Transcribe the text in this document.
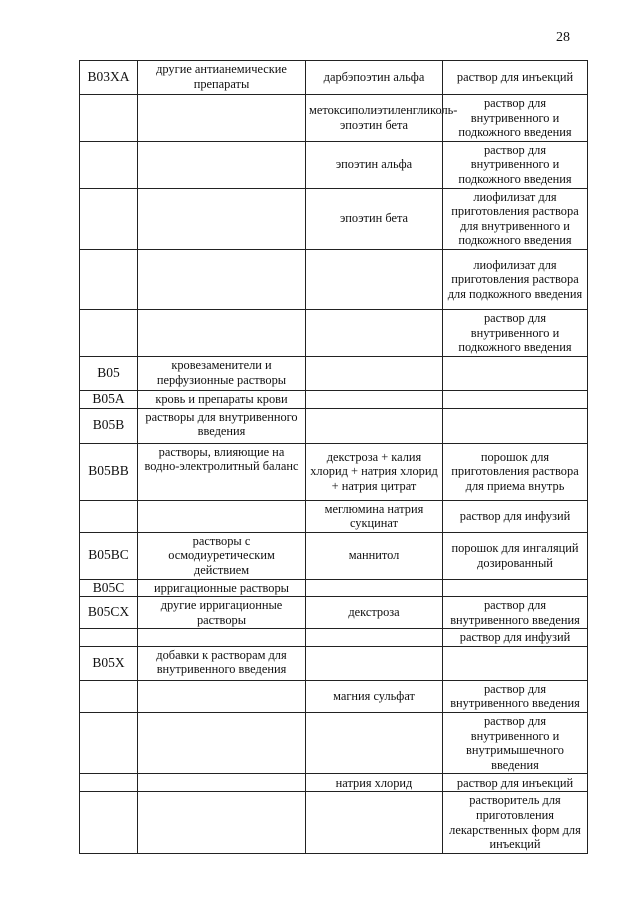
28
B03XA	другие антианемические препараты	дарбэпоэтин альфа	раствор для инъекций
		метоксиполиэтиленгликоль-эпоэтин бета	раствор для внутривенного и подкожного введения
		эпоэтин альфа	раствор для внутривенного и подкожного введения
		эпоэтин бета	лиофилизат для приготовления раствора для внутривенного и подкожного введения
			лиофилизат для приготовления раствора для подкожного введения
			раствор для внутривенного и подкожного введения
B05	кровезаменители и перфузионные растворы		
B05A	кровь и препараты крови		
B05B	растворы для внутривенного введения		
B05BB	растворы, влияющие на водно-электролитный баланс	декстроза + калия хлорид + натрия хлорид + натрия цитрат	порошок для приготовления раствора для приема внутрь
		меглюмина натрия сукцинат	раствор для инфузий
B05BC	растворы с осмодиуретическим действием	маннитол	порошок для ингаляций дозированный
B05C	ирригационные растворы		
B05CX	другие ирригационные растворы	декстроза	раствор для внутривенного введения
			раствор для инфузий
B05X	добавки к растворам для внутривенного введения		
		магния сульфат	раствор для внутривенного введения
			раствор для внутривенного и внутримышечного введения
		натрия хлорид	раствор для инъекций
			растворитель для приготовления лекарственных форм для инъекций
